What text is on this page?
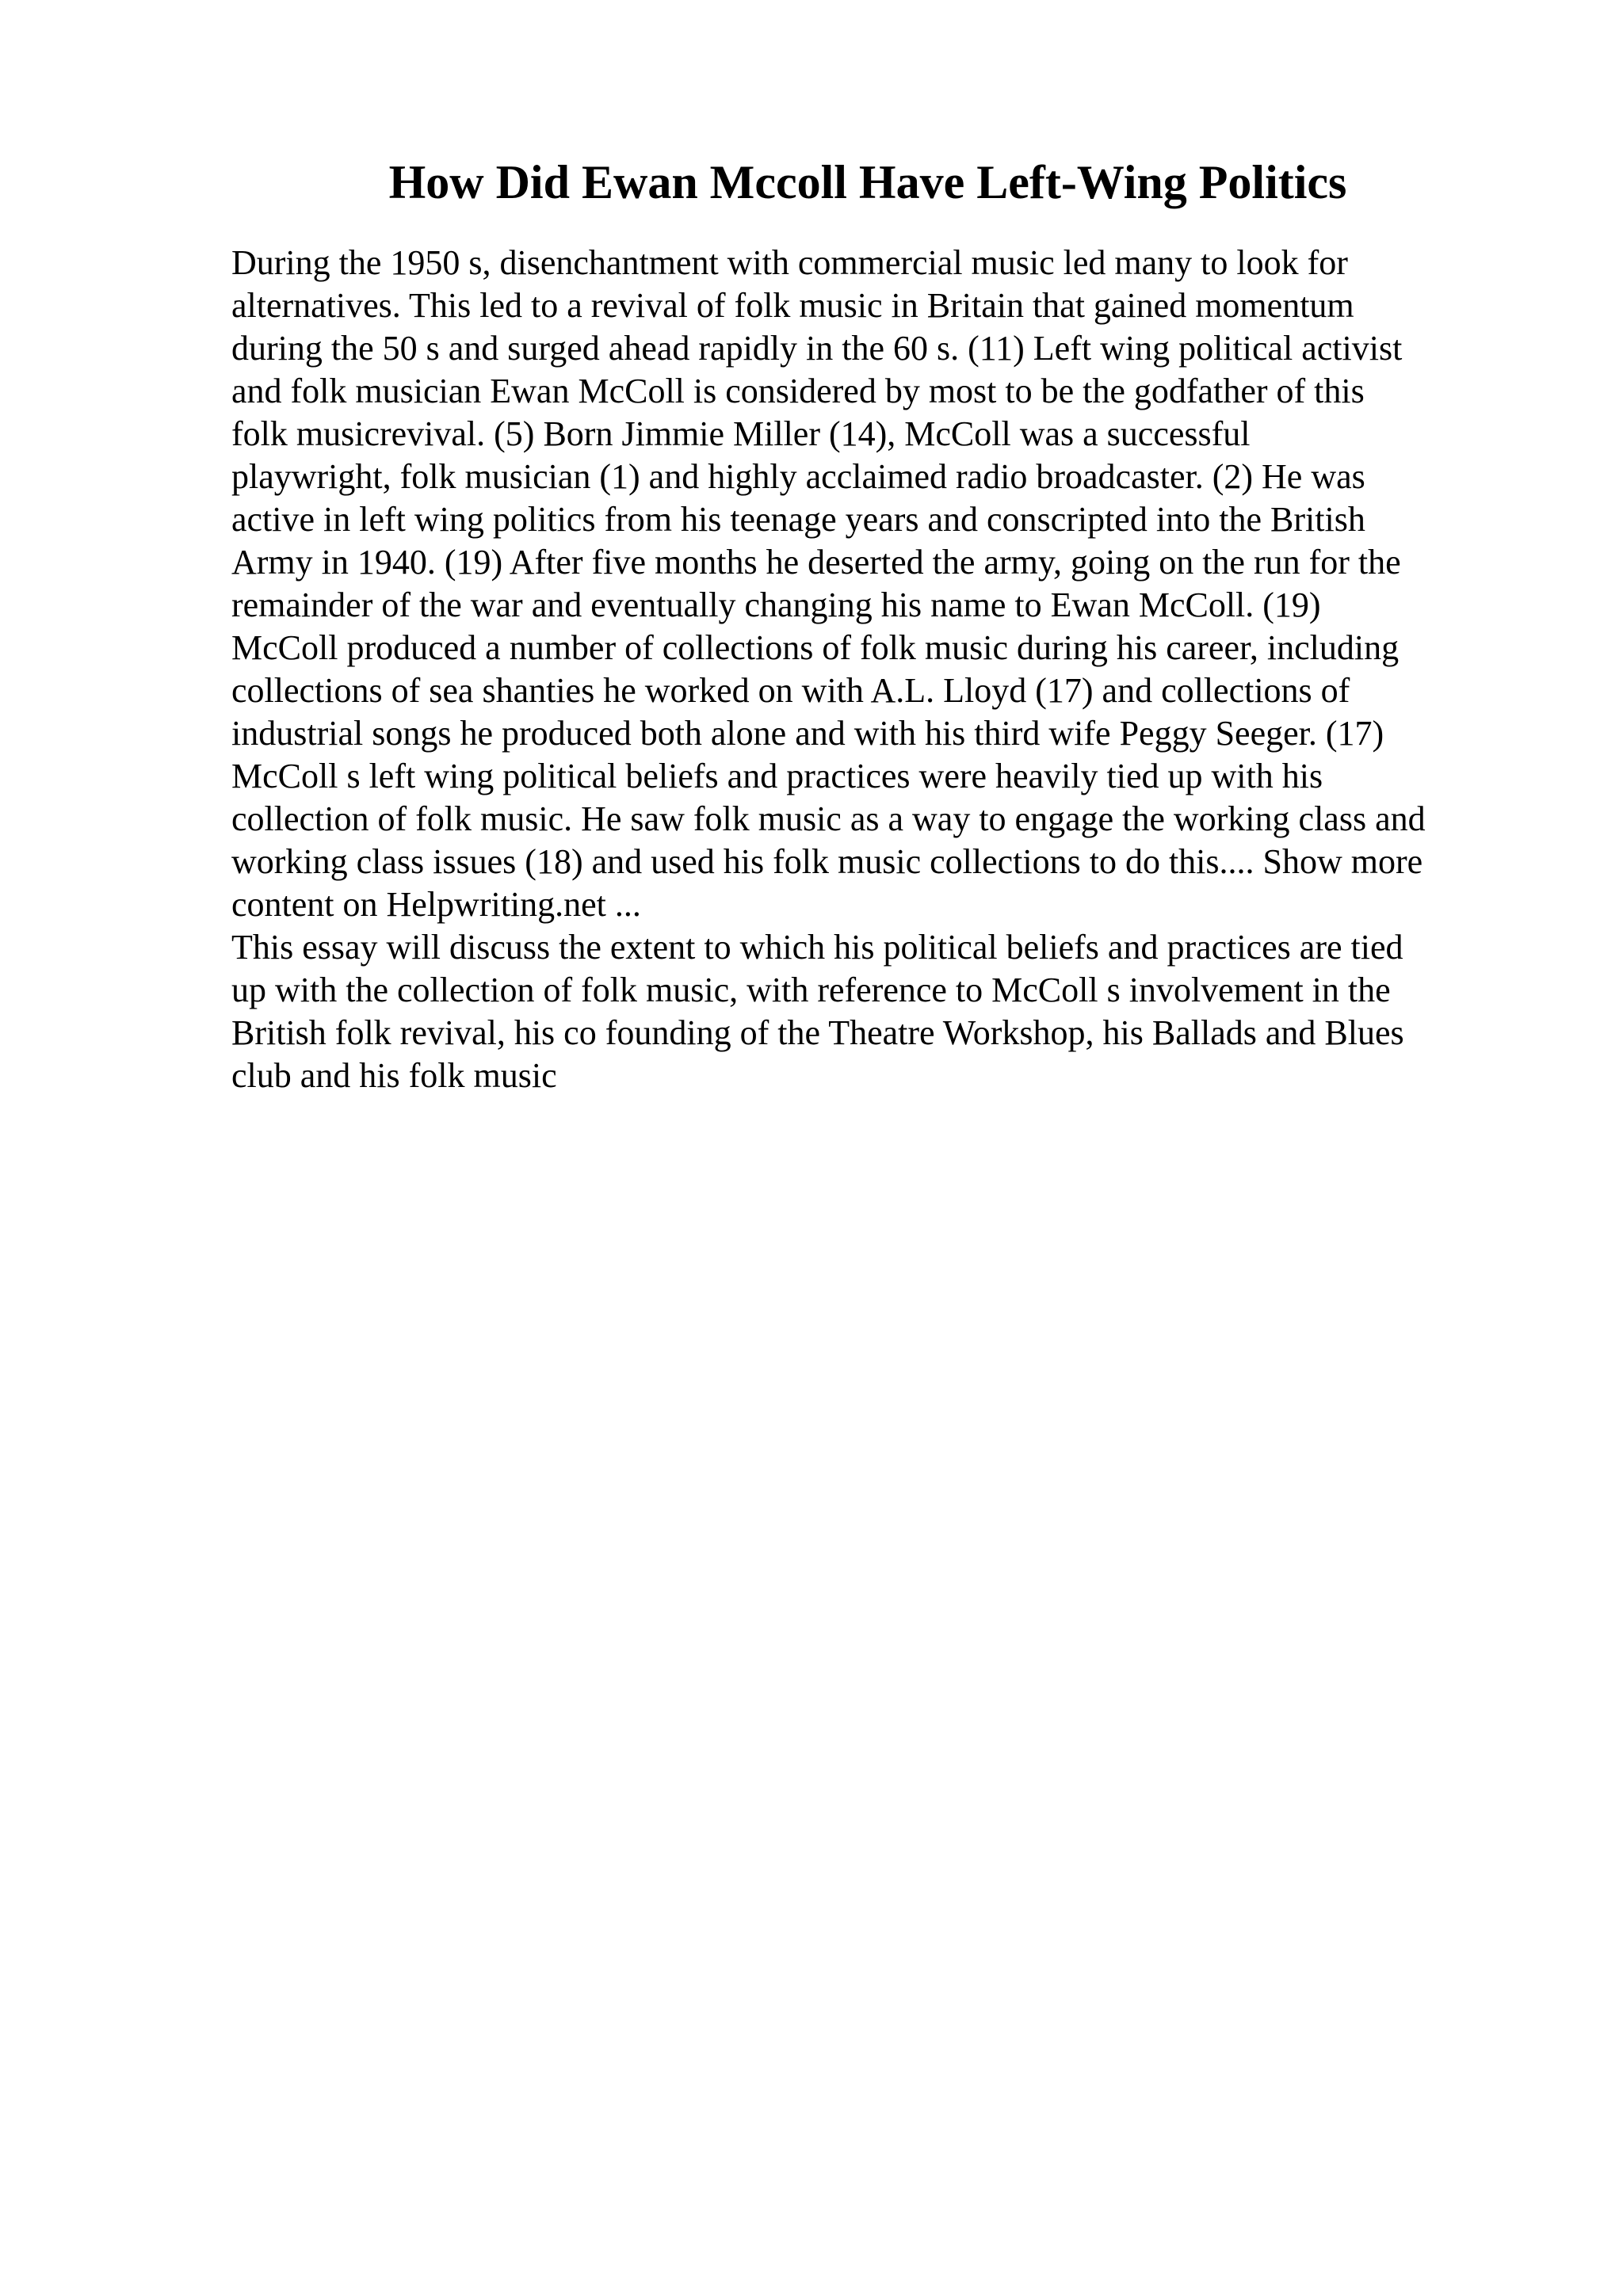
How Did Ewan Mccoll Have Left-Wing Politics
During the 1950 s, disenchantment with commercial music led many to look for
alternatives. This led to a revival of folk music in Britain that gained momentum
during the 50 s and surged ahead rapidly in the 60 s. (11) Left wing political activist
and folk musician Ewan McColl is considered by most to be the godfather of this
folk musicrevival. (5) Born Jimmie Miller (14), McColl was a successful
playwright, folk musician (1) and highly acclaimed radio broadcaster. (2) He was
active in left wing politics from his teenage years and conscripted into the British
Army in 1940. (19) After five months he deserted the army, going on the run for the
remainder of the war and eventually changing his name to Ewan McColl. (19)
McColl produced a number of collections of folk music during his career, including
collections of sea shanties he worked on with A.L. Lloyd (17) and collections of
industrial songs he produced both alone and with his third wife Peggy Seeger. (17)
McColl s left wing political beliefs and practices were heavily tied up with his
collection of folk music. He saw folk music as a way to engage the working class and
working class issues (18) and used his folk music collections to do this.... Show more
content on Helpwriting.net ...
This essay will discuss the extent to which his political beliefs and practices are tied
up with the collection of folk music, with reference to McColl s involvement in the
British folk revival, his co founding of the Theatre Workshop, his Ballads and Blues
club and his folk music
